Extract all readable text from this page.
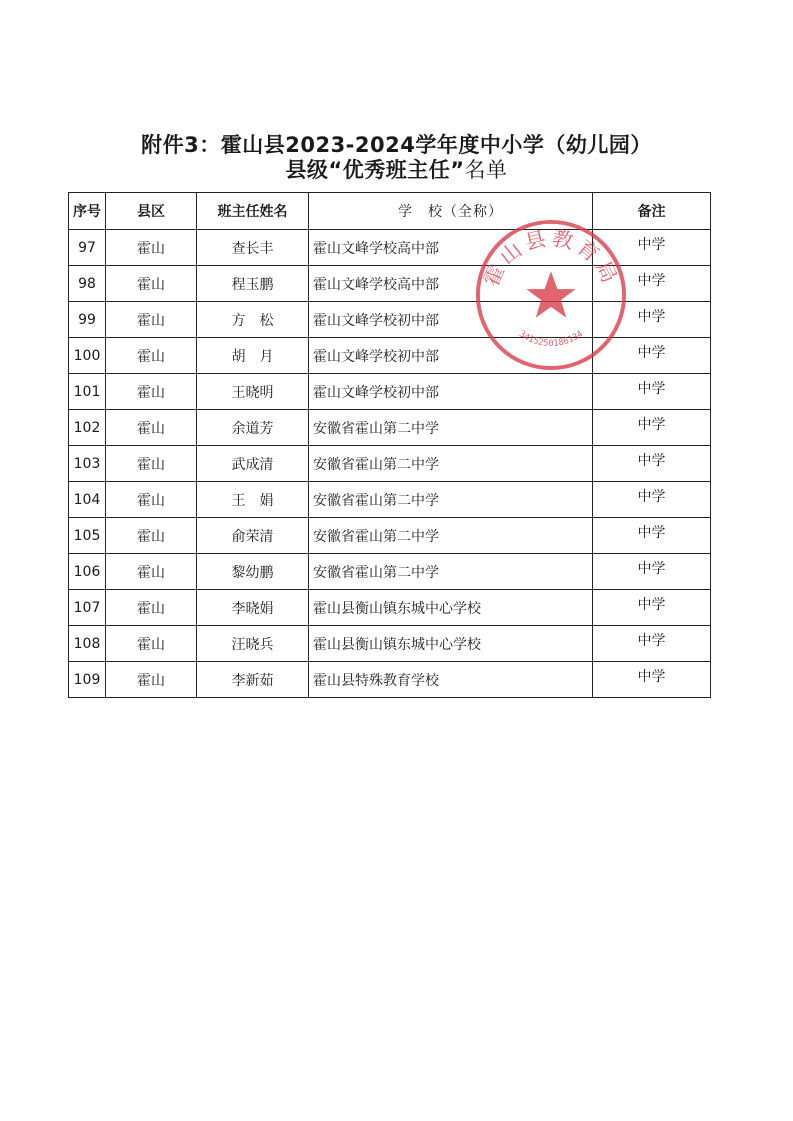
附件3：霍山县2023-2024学年度中小学（幼儿园）
县级“优秀班主任”名单
序号	县区	班主任姓名	学　校（全称）	备注
97	霍山	查长丰	霍山文峰学校高中部	中学
98	霍山	程玉鹏	霍山文峰学校高中部	中学
99	霍山	方　松	霍山文峰学校初中部	中学
100	霍山	胡　月	霍山文峰学校初中部	中学
101	霍山	王晓明	霍山文峰学校初中部	中学
102	霍山	余道芳	安徽省霍山第二中学	中学
103	霍山	武成清	安徽省霍山第二中学	中学
104	霍山	王　娟	安徽省霍山第二中学	中学
105	霍山	俞荣清	安徽省霍山第二中学	中学
106	霍山	黎幼鹏	安徽省霍山第二中学	中学
107	霍山	李晓娟	霍山县衡山镇东城中心学校	中学
108	霍山	汪晓兵	霍山县衡山镇东城中心学校	中学
109	霍山	李新茹	霍山县特殊教育学校	中学
霍山县教育局
3415250186134
